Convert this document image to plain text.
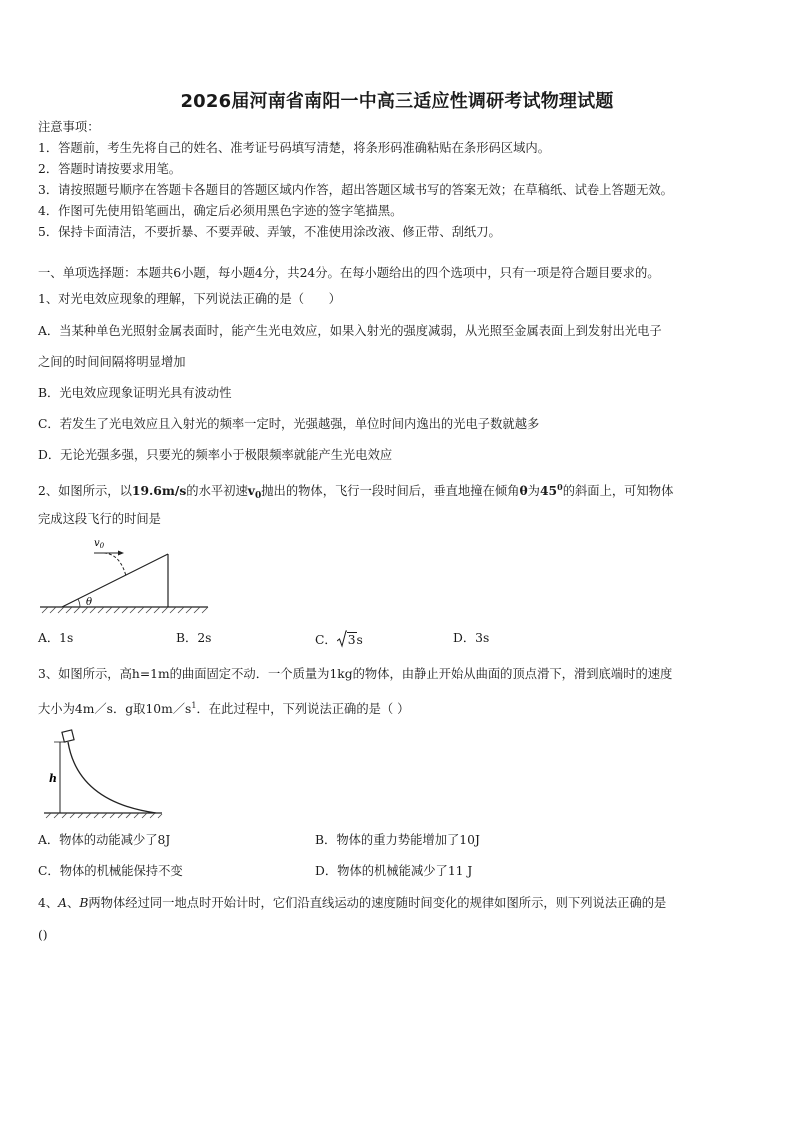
2026届河南省南阳一中高三适应性调研考试物理试题
注意事项：
1．答题前，考生先将自己的姓名、准考证号码填写清楚，将条形码准确粘贴在条形码区域内。
2．答题时请按要求用笔。
3．请按照题号顺序在答题卡各题目的答题区域内作答，超出答题区域书写的答案无效；在草稿纸、试卷上答题无效。
4．作图可先使用铅笔画出，确定后必须用黑色字迹的签字笔描黑。
5．保持卡面清洁，不要折暴、不要弄破、弄皱，不准使用涂改液、修正带、刮纸刀。
一、单项选择题：本题共6小题，每小题4分，共24分。在每小题给出的四个选项中，只有一项是符合题目要求的。
1、对光电效应现象的理解，下列说法正确的是（　　）
A．当某种单色光照射金属表面时，能产生光电效应，如果入射光的强度减弱，从光照至金属表面上到发射出光电子
之间的时间间隔将明显增加
B．光电效应现象证明光具有波动性
C．若发生了光电效应且入射光的频率一定时，光强越强，单位时间内逸出的光电子数就越多
D．无论光强多强，只要光的频率小于极限频率就能产生光电效应
2、如图所示，以19.6m/s的水平初速$v_0$抛出的物体，飞行一段时间后，垂直地撞在倾角θ为$45^0$的斜面上，可知物体
完成这段飞行的时间是
θ
$v_0$
A．1s	B．2s	C． 3s	D．3s
3、如图所示，高h=1m的曲面固定不动．一个质量为1kg的物体，由静止开始从曲面的顶点滑下，滑到底端时的速度
大小为4m／s．g取$10m/s^1$．在此过程中，下列说法正确的是（ ）
h
A．物体的动能减少了8J	B．物体的重力势能增加了10J
C．物体的机械能保持不变	D．物体的机械能减少了11 J
4、A、B两物体经过同一地点时开始计时，它们沿直线运动的速度随时间变化的规律如图所示，则下列说法正确的是
()
